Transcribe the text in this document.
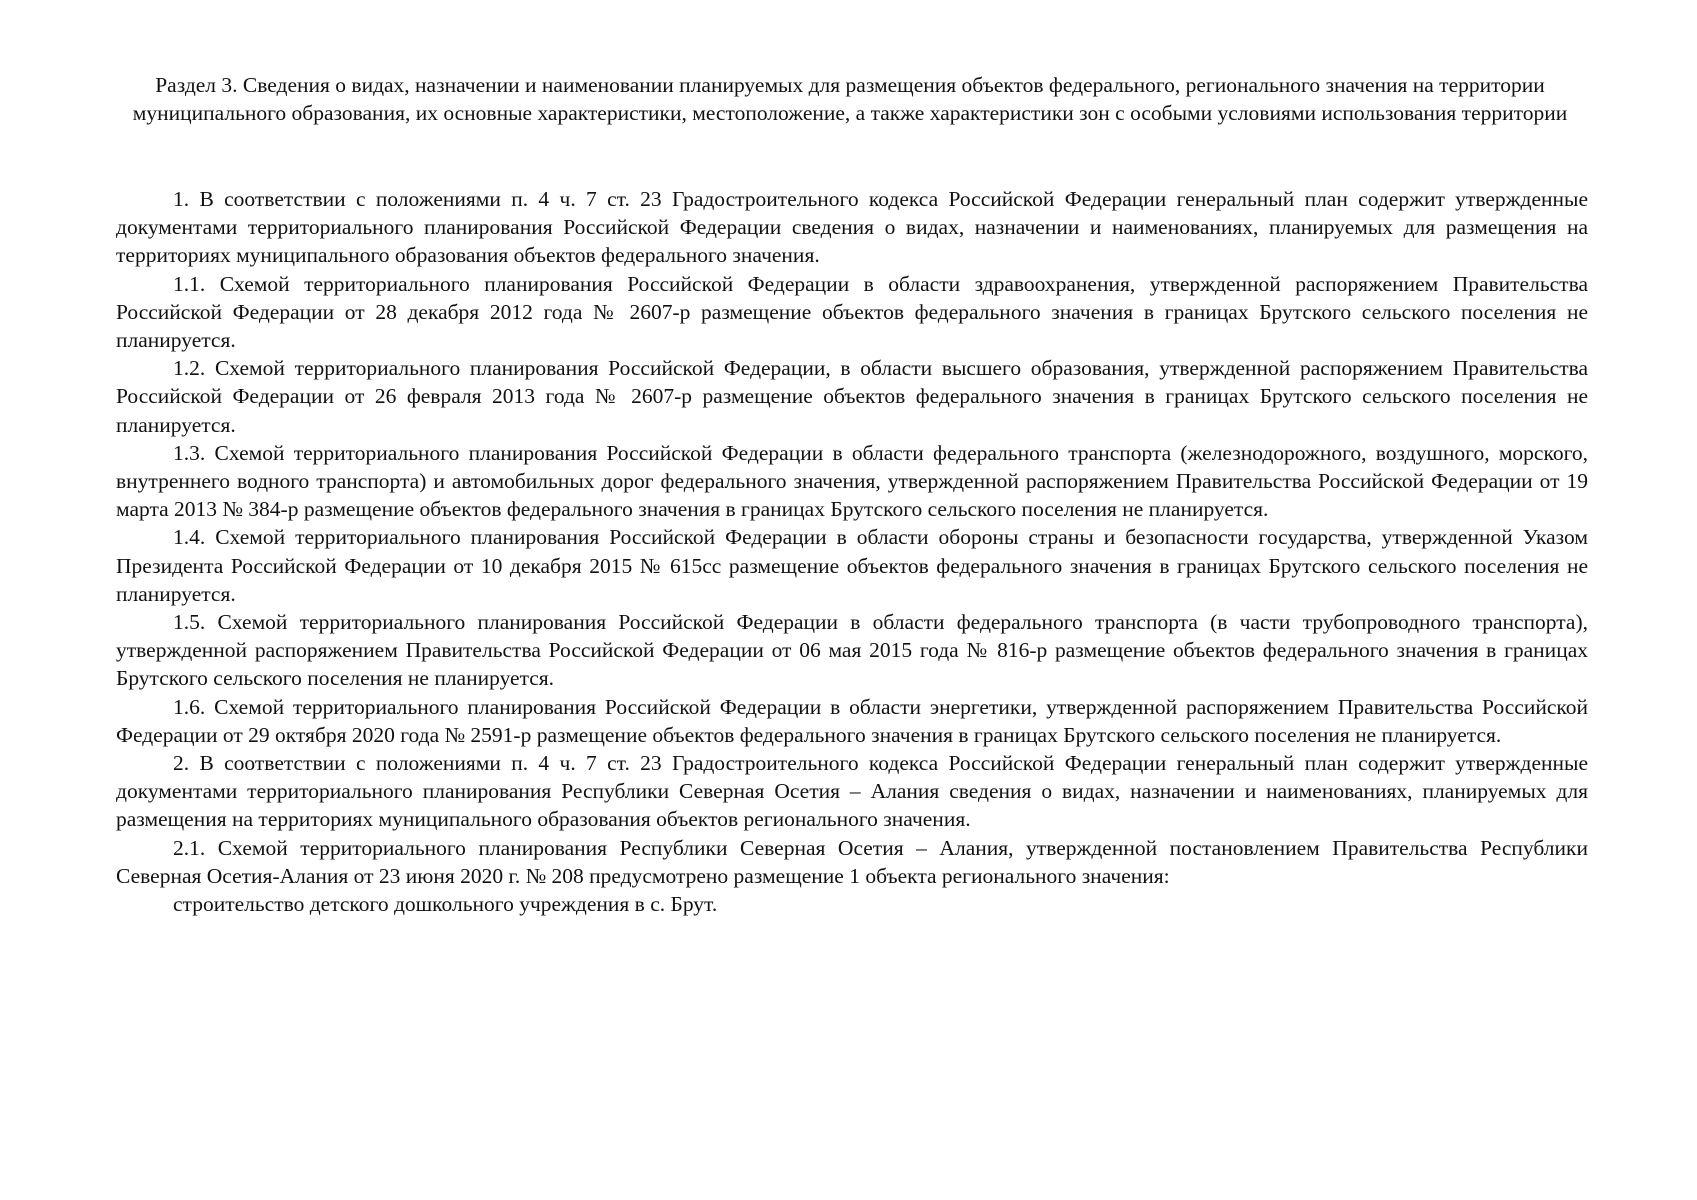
Раздел 3. Сведения о видах, назначении и наименовании планируемых для размещения объектов федерального, регионального значения на территории муниципального образования, их основные характеристики, местоположение, а также характеристики зон с особыми условиями использования территории

1. В соответствии с положениями п. 4 ч. 7 ст. 23 Градостроительного кодекса Российской Федерации генеральный план содержит утвержденные документами территориального планирования Российской Федерации сведения о видах, назначении и наименованиях, планируемых для размещения на территориях муниципального образования объектов федерального значения.

1.1. Схемой территориального планирования Российской Федерации в области здравоохранения, утвержденной распоряжением Правительства Российской Федерации от 28 декабря 2012 года № 2607-р размещение объектов федерального значения в границах Брутского сельского поселения не планируется.

1.2. Схемой территориального планирования Российской Федерации, в области высшего образования, утвержденной распоряжением Правительства Российской Федерации от 26 февраля 2013 года № 2607-р размещение объектов федерального значения в границах Брутского сельского поселения не планируется.

1.3. Схемой территориального планирования Российской Федерации в области федерального транспорта (железнодорожного, воздушного, морского, внутреннего водного транспорта) и автомобильных дорог федерального значения, утвержденной распоряжением Правительства Российской Федерации от 19 марта 2013 № 384-р размещение объектов федерального значения в границах Брутского сельского поселения не планируется.

1.4. Схемой территориального планирования Российской Федерации в области обороны страны и безопасности государства, утвержденной Указом Президента Российской Федерации от 10 декабря 2015 № 615сс размещение объектов федерального значения в границах Брутского сельского поселения не планируется.

1.5. Схемой территориального планирования Российской Федерации в области федерального транспорта (в части трубопроводного транспорта), утвержденной распоряжением Правительства Российской Федерации от 06 мая 2015 года № 816-р размещение объектов федерального значения в границах Брутского сельского поселения не планируется.

1.6. Схемой территориального планирования Российской Федерации в области энергетики, утвержденной распоряжением Правительства Российской Федерации от 29 октября 2020 года № 2591-р размещение объектов федерального значения в границах Брутского сельского поселения не планируется.

2. В соответствии с положениями п. 4 ч. 7 ст. 23 Градостроительного кодекса Российской Федерации генеральный план содержит утвержденные документами территориального планирования Республики Северная Осетия – Алания сведения о видах, назначении и наименованиях, планируемых для размещения на территориях муниципального образования объектов регионального значения.

2.1. Схемой территориального планирования Республики Северная Осетия – Алания, утвержденной постановлением Правительства Республики Северная Осетия-Алания от 23 июня 2020 г. № 208 предусмотрено размещение 1 объекта регионального значения:

строительство детского дошкольного учреждения в с. Брут.
